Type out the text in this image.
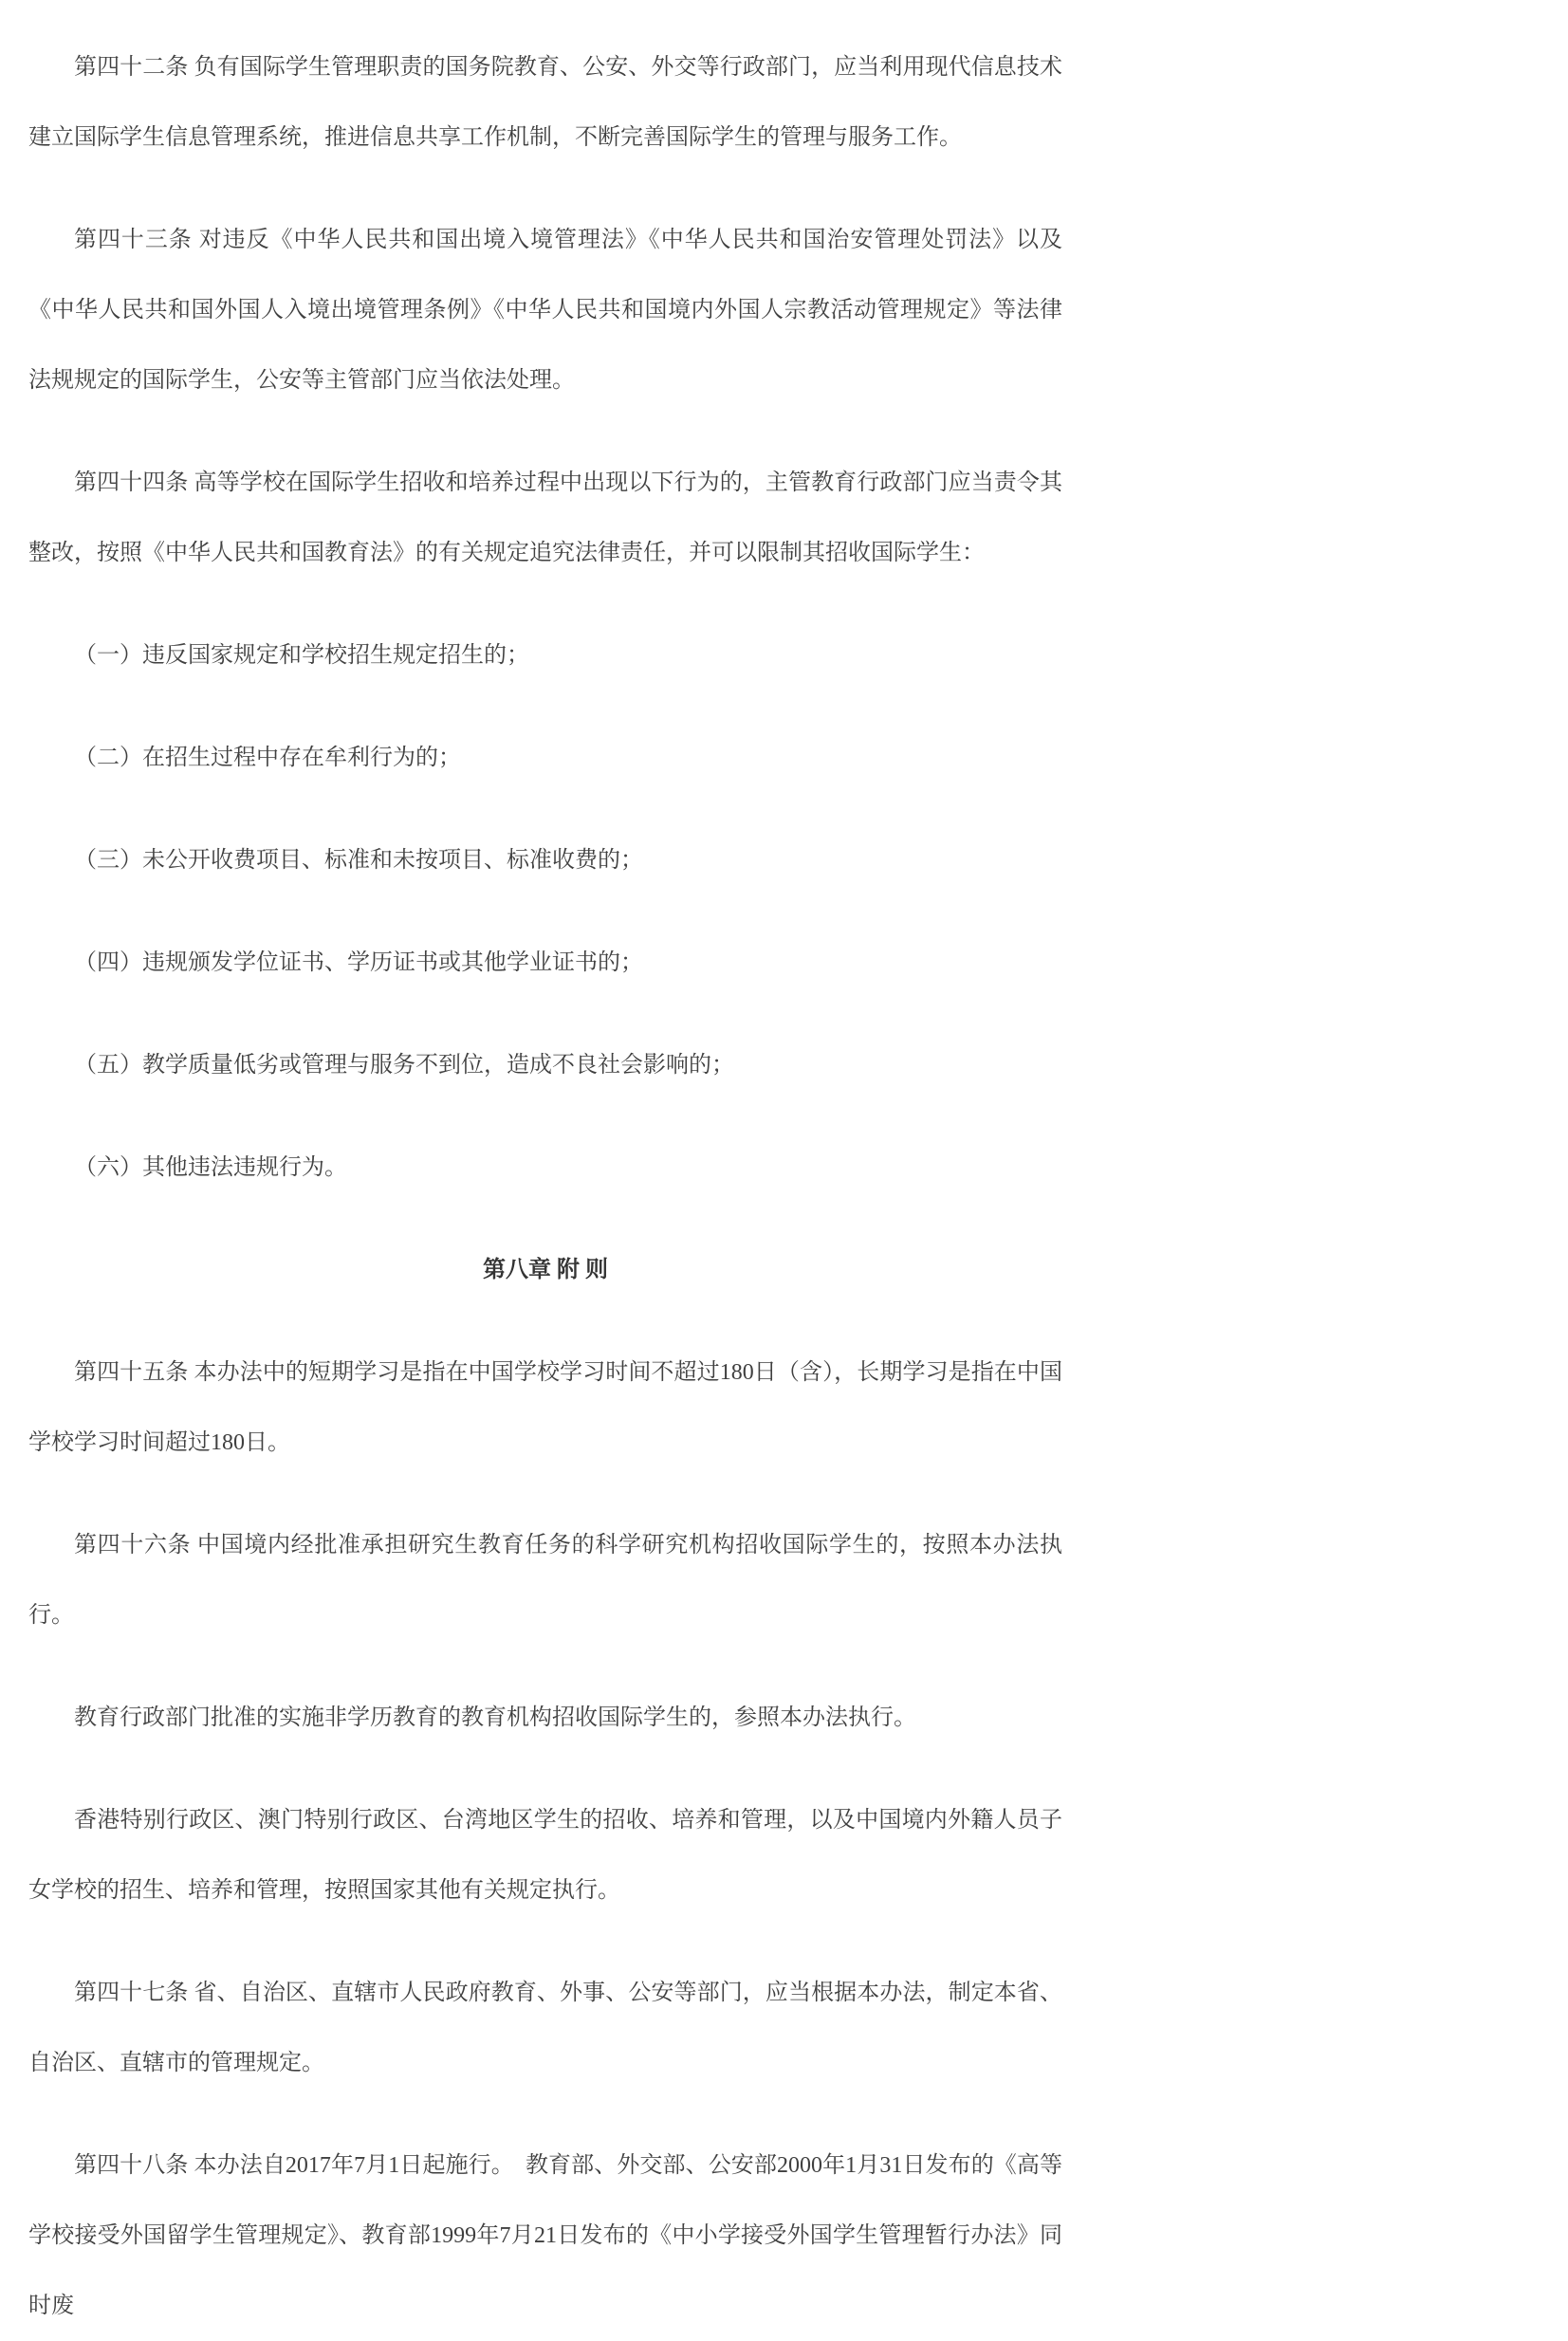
第四十二条 负有国际学生管理职责的国务院教育、公安、外交等行政部门，应当利用现代信息技术建立国际学生信息管理系统，推进信息共享工作机制，不断完善国际学生的管理与服务工作。

第四十三条 对违反《中华人民共和国出境入境管理法》《中华人民共和国治安管理处罚法》以及《中华人民共和国外国人入境出境管理条例》《中华人民共和国境内外国人宗教活动管理规定》等法律法规规定的国际学生，公安等主管部门应当依法处理。

第四十四条 高等学校在国际学生招收和培养过程中出现以下行为的，主管教育行政部门应当责令其整改，按照《中华人民共和国教育法》的有关规定追究法律责任，并可以限制其招收国际学生：

（一）违反国家规定和学校招生规定招生的；

（二）在招生过程中存在牟利行为的；

（三）未公开收费项目、标准和未按项目、标准收费的；

（四）违规颁发学位证书、学历证书或其他学业证书的；

（五）教学质量低劣或管理与服务不到位，造成不良社会影响的；

（六）其他违法违规行为。

第八章 附 则

第四十五条 本办法中的短期学习是指在中国学校学习时间不超过180日（含），长期学习是指在中国学校学习时间超过180日。

第四十六条 中国境内经批准承担研究生教育任务的科学研究机构招收国际学生的，按照本办法执行。

教育行政部门批准的实施非学历教育的教育机构招收国际学生的，参照本办法执行。

香港特别行政区、澳门特别行政区、台湾地区学生的招收、培养和管理，以及中国境内外籍人员子女学校的招生、培养和管理，按照国家其他有关规定执行。

第四十七条 省、自治区、直辖市人民政府教育、外事、公安等部门，应当根据本办法，制定本省、自治区、直辖市的管理规定。

第四十八条 本办法自2017年7月1日起施行。　教育部、外交部、公安部2000年1月31日发布的《高等学校接受外国留学生管理规定》、教育部1999年7月21日发布的《中小学接受外国学生管理暂行办法》同时废
